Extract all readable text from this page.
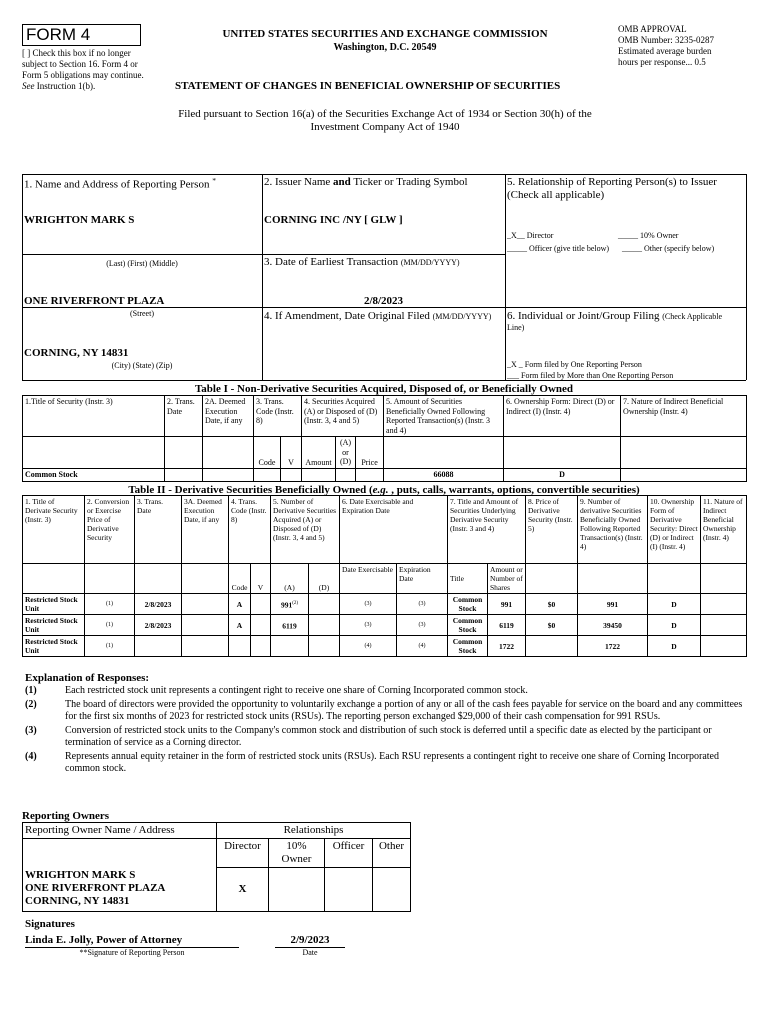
FORM 4
[ ] Check this box if no longer subject to Section 16. Form 4 or Form 5 obligations may continue. See Instruction 1(b).
UNITED STATES SECURITIES AND EXCHANGE COMMISSION
Washington, D.C. 20549
OMB APPROVAL
OMB Number: 3235-0287
Estimated average burden
hours per response... 0.5
STATEMENT OF CHANGES IN BENEFICIAL OWNERSHIP OF SECURITIES
Filed pursuant to Section 16(a) of the Securities Exchange Act of 1934 or Section 30(h) of the
Investment Company Act of 1940
1. Name and Address of Reporting Person *
WRIGHTON MARK S
(Last) (First) (Middle)
ONE RIVERFRONT PLAZA
(Street)
CORNING, NY 14831
(City) (State) (Zip)
2. Issuer Name and Ticker or Trading Symbol
CORNING INC /NY [ GLW ]
3. Date of Earliest Transaction (MM/DD/YYYY)
2/8/2023
4. If Amendment, Date Original Filed (MM/DD/YYYY)
5. Relationship of Reporting Person(s) to Issuer
(Check all applicable)
_X__ Director	_____ 10% Owner
_____ Officer (give title below) _____ Other (specify below)
6. Individual or Joint/Group Filing (Check Applicable
Line)
_X _ Form filed by One Reporting Person
___ Form filed by More than One Reporting Person
Table I - Non-Derivative Securities Acquired, Disposed of, or Beneficially Owned
1.Title of Security (Instr. 3)	2. Trans. Date	2A. Deemed Execution Date, if any	3. Trans. Code (Instr. 8)		4. Securities Acquired (A) or Disposed of (D) (Instr. 3, 4 and 5)			5. Amount of Securities Beneficially Owned Following Reported Transaction(s) (Instr. 3 and 4)	6. Ownership Form: Direct (D) or Indirect (I) (Instr. 4)	7. Nature of Indirect Beneficial Ownership (Instr. 4)
			Code	V	Amount	(A) or (D)	Price			
Common Stock								66088	D	
Table II - Derivative Securities Beneficially Owned (e.g. , puts, calls, warrants, options, convertible securities)
1. Title of Derivate Security (Instr. 3)	2. Conversion or Exercise Price of Derivative Security	3. Trans. Date	3A. Deemed Execution Date, if any	4. Trans. Code (Instr. 8)		5. Number of Derivative Securities Acquired (A) or Disposed of (D) (Instr. 3, 4 and 5)		6. Date Exercisable and Expiration Date		7. Title and Amount of Securities Underlying Derivative Security (Instr. 3 and 4)		8. Price of Derivative Security (Instr. 5)	9. Number of derivative Securities Beneficially Owned Following Reported Transaction(s) (Instr. 4)	10. Ownership Form of Derivative Security: Direct (D) or Indirect (I) (Instr. 4)	11. Nature of Indirect Beneficial Ownership (Instr. 4)
				Code	V	(A)	(D)	Date Exercisable	Expiration Date	Title	Amount or Number of Shares				
Restricted Stock Unit	(1)	2/8/2023		A		991$^{(2)}$		(3)	(3)	Common Stock	991	$0	991	D	
Restricted Stock Unit	(1)	2/8/2023		A		6119		(3)	(3)	Common Stock	6119	$0	39450	D	
Restricted Stock Unit	(1)							(4)	(4)	Common Stock	1722		1722	D	
Explanation of Responses:
(1)	Each restricted stock unit represents a contingent right to receive one share of Corning Incorporated common stock.
(2)	The board of directors were provided the opportunity to voluntarily exchange a portion of any or all of the cash fees payable for service on the board and any committees for the first six months of 2023 for restricted stock units (RSUs). The reporting person exchanged $29,000 of their cash compensation for 991 RSUs.
(3)	Conversion of restricted stock units to the Company's common stock and distribution of such stock is deferred until a specific date as elected by the participant or termination of service as a Corning director.
(4)	Represents annual equity retainer in the form of restricted stock units (RSUs). Each RSU represents a contingent right to receive one share of Corning Incorporated common stock.
Reporting Owners
Reporting Owner Name / Address	Relationships			
	Director	10% Owner	Officer	Other

WRIGHTON MARK S
ONE RIVERFRONT PLAZA
CORNING, NY 14831	X			
Signatures
Linda E. Jolly, Power of Attorney
**Signature of Reporting Person
2/9/2023
Date
